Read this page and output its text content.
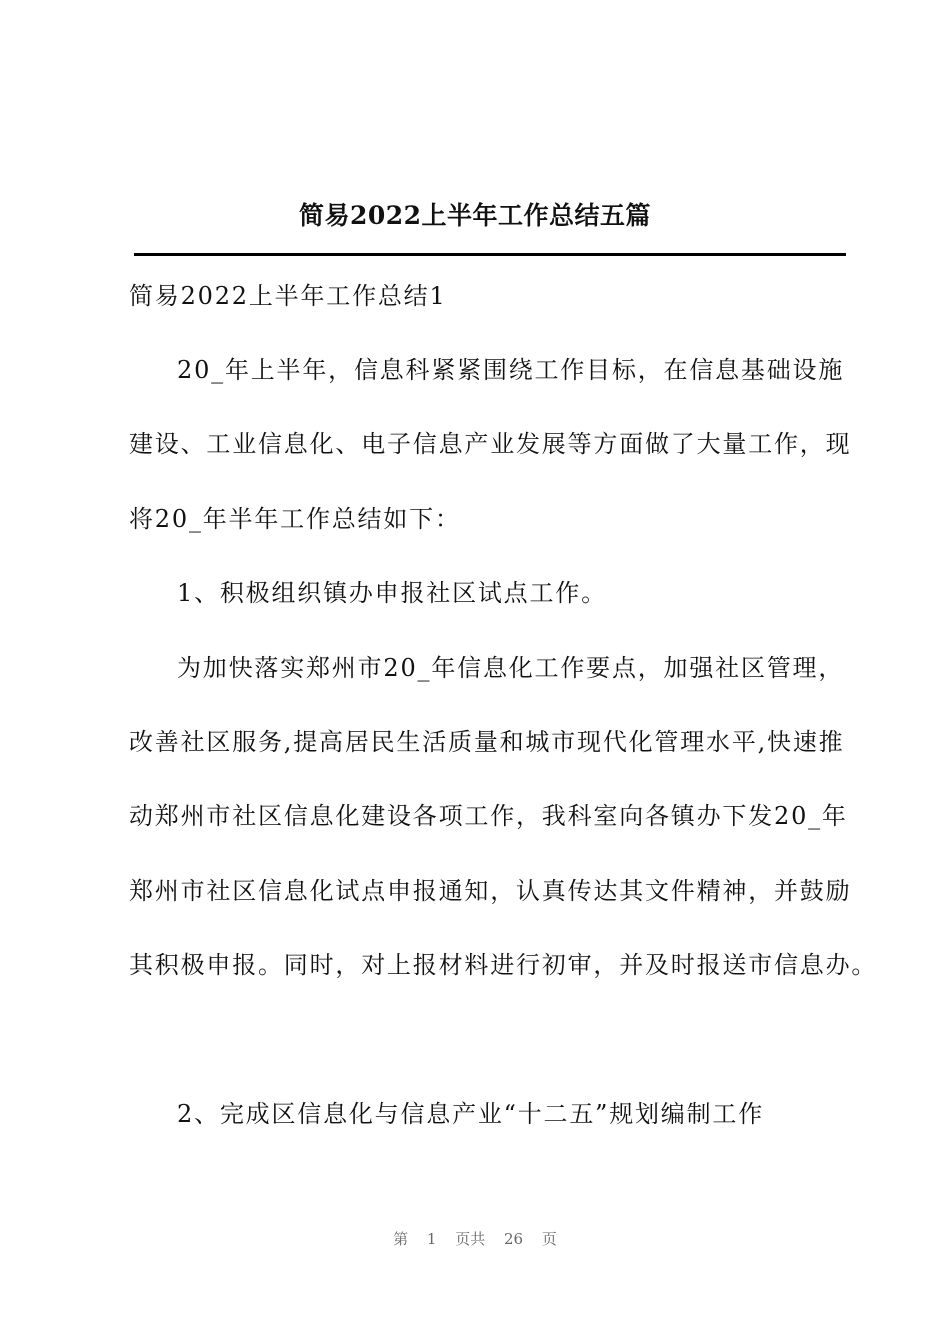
简易2022上半年工作总结五篇
简易2022上半年工作总结1
20_年上半年，信息科紧紧围绕工作目标，在信息基础设施
建设、工业信息化、电子信息产业发展等方面做了大量工作，现
将20_年半年工作总结如下：
1、积极组织镇办申报社区试点工作。
为加快落实郑州市20_年信息化工作要点，加强社区管理，
改善社区服务,提高居民生活质量和城市现代化管理水平,快速推
动郑州市社区信息化建设各项工作，我科室向各镇办下发20_年
郑州市社区信息化试点申报通知，认真传达其文件精神，并鼓励
其积极申报。同时，对上报材料进行初审，并及时报送市信息办。
2、完成区信息化与信息产业“十二五”规划编制工作
第 1 页共 26 页
